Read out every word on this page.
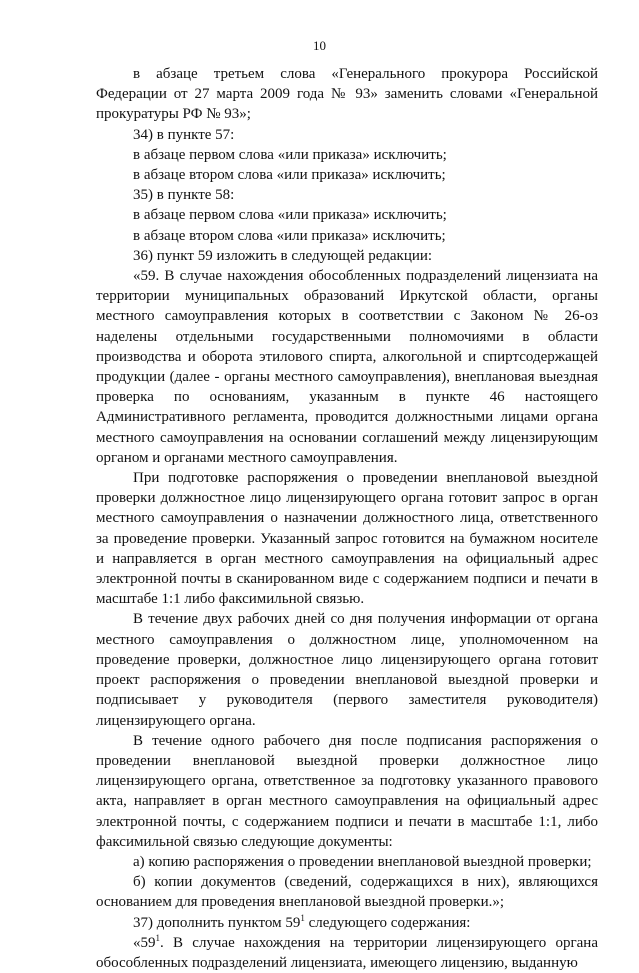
10

в абзаце третьем слова «Генерального прокурора Российской Федерации от 27 марта 2009 года № 93» заменить словами «Генеральной прокуратуры РФ № 93»;

34) в пункте 57:

в абзаце первом слова «или приказа» исключить;

в абзаце втором слова «или приказа» исключить;

35) в пункте 58:

в абзаце первом слова «или приказа» исключить;

в абзаце втором слова «или приказа» исключить;

36) пункт 59 изложить в следующей редакции:

«59. В случае нахождения обособленных подразделений лицензиата на территории муниципальных образований Иркутской области, органы местного самоуправления которых в соответствии с Законом № 26-оз наделены отдельными государственными полномочиями в области производства и оборота этилового спирта, алкогольной и спиртсодержащей продукции (далее - органы местного самоуправления), внеплановая выездная проверка по основаниям, указанным в пункте 46 настоящего Административного регламента, проводится должностными лицами органа местного самоуправления на основании соглашений между лицензирующим органом и органами местного самоуправления.

При подготовке распоряжения о проведении внеплановой выездной проверки должностное лицо лицензирующего органа готовит запрос в орган местного самоуправления о назначении должностного лица, ответственного за проведение проверки. Указанный запрос готовится на бумажном носителе и направляется в орган местного самоуправления на официальный адрес электронной почты в сканированном виде с содержанием подписи и печати в масштабе 1:1 либо факсимильной связью.

В течение двух рабочих дней со дня получения информации от органа местного самоуправления о должностном лице, уполномоченном на проведение проверки, должностное лицо лицензирующего органа готовит проект распоряжения о проведении внеплановой выездной проверки и подписывает у руководителя (первого заместителя руководителя) лицензирующего органа.

В течение одного рабочего дня после подписания распоряжения о проведении внеплановой выездной проверки должностное лицо лицензирующего органа, ответственное за подготовку указанного правового акта, направляет в орган местного самоуправления на официальный адрес электронной почты, с содержанием подписи и печати в масштабе 1:1, либо факсимильной связью следующие документы:

а) копию распоряжения о проведении внеплановой выездной проверки;

б) копии документов (сведений, содержащихся в них), являющихся основанием для проведения внеплановой выездной проверки.»;

37) дополнить пунктом $59^1$ следующего содержания:

«$59^1$. В случае нахождения на территории лицензирующего органа обособленных подразделений лицензиата, имеющего лицензию, выданную
